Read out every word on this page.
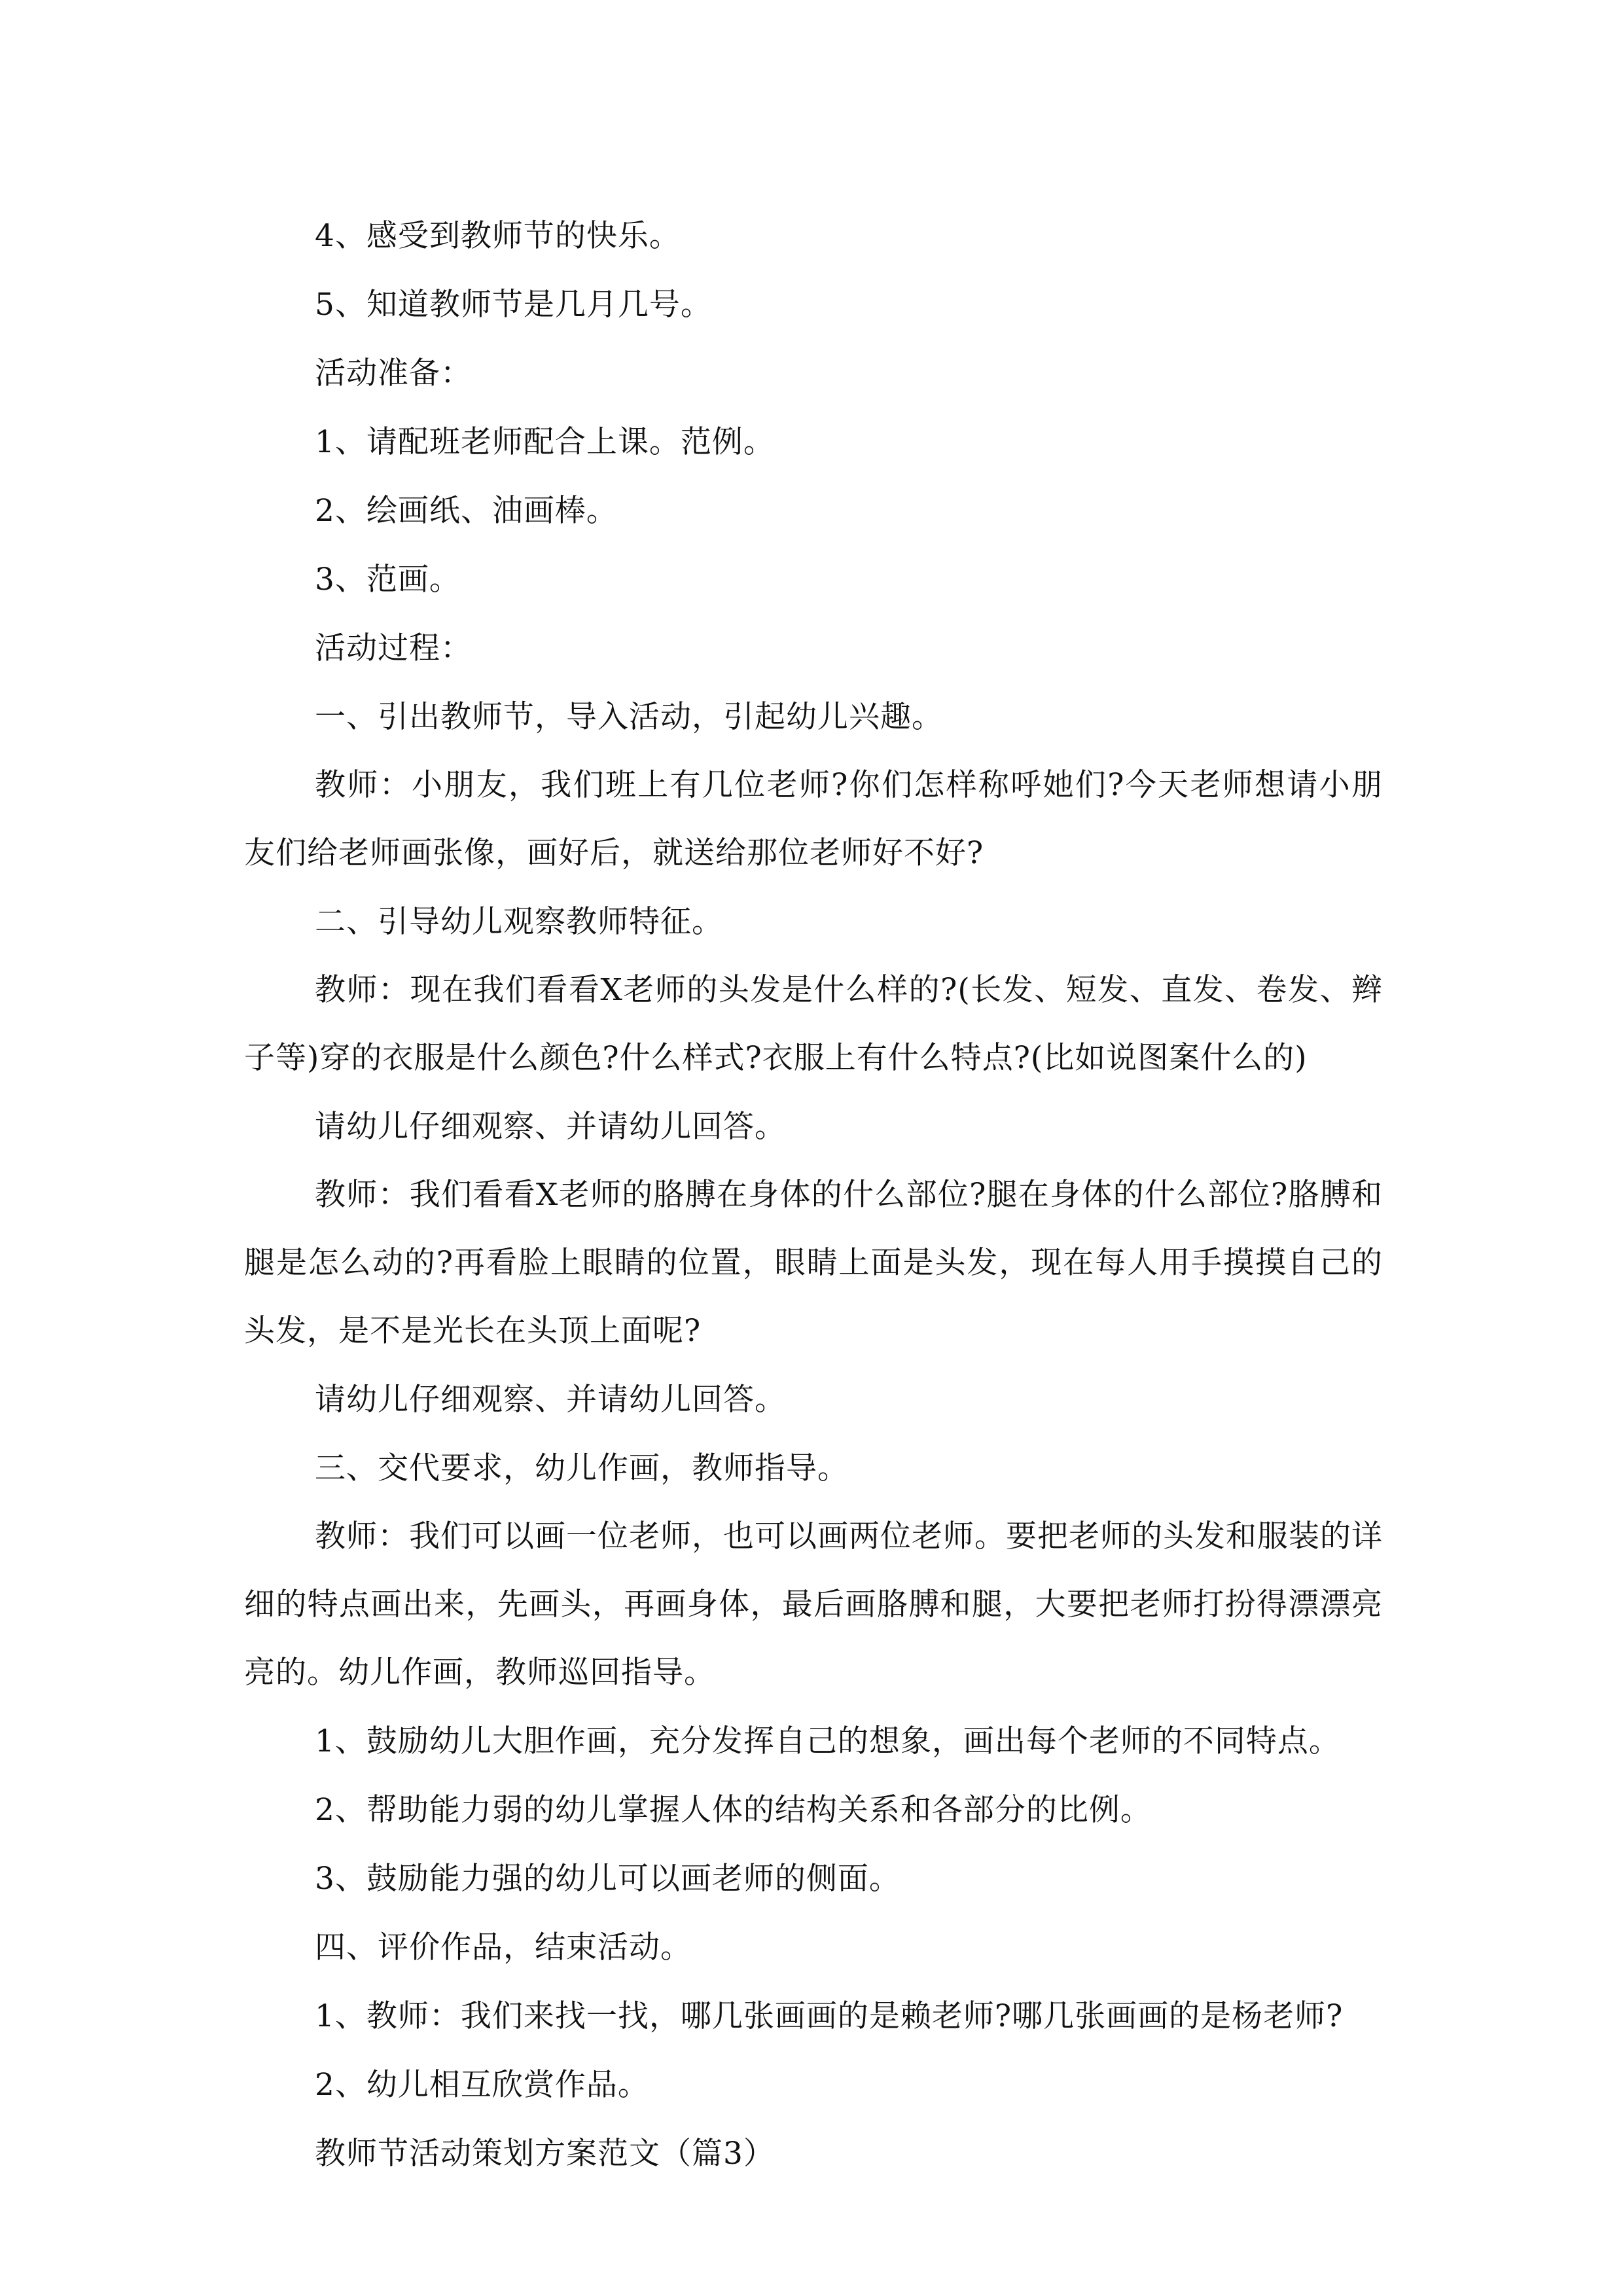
4、感受到教师节的快乐。

5、知道教师节是几月几号。

活动准备：

1、请配班老师配合上课。范例。

2、绘画纸、油画棒。

3、范画。

活动过程：

一、引出教师节，导入活动，引起幼儿兴趣。

教师：小朋友，我们班上有几位老师?你们怎样称呼她们?今天老师想请小朋友们给老师画张像，画好后，就送给那位老师好不好?

二、引导幼儿观察教师特征。

教师：现在我们看看X老师的头发是什么样的?(长发、短发、直发、卷发、辫子等)穿的衣服是什么颜色?什么样式?衣服上有什么特点?(比如说图案什么的)

请幼儿仔细观察、并请幼儿回答。

教师：我们看看X老师的胳膊在身体的什么部位?腿在身体的什么部位?胳膊和腿是怎么动的?再看脸上眼睛的位置，眼睛上面是头发，现在每人用手摸摸自己的头发，是不是光长在头顶上面呢?

请幼儿仔细观察、并请幼儿回答。

三、交代要求，幼儿作画，教师指导。

教师：我们可以画一位老师，也可以画两位老师。要把老师的头发和服装的详细的特点画出来，先画头，再画身体，最后画胳膊和腿，大要把老师打扮得漂漂亮亮的。幼儿作画，教师巡回指导。

1、鼓励幼儿大胆作画，充分发挥自己的想象，画出每个老师的不同特点。

2、帮助能力弱的幼儿掌握人体的结构关系和各部分的比例。

3、鼓励能力强的幼儿可以画老师的侧面。

四、评价作品，结束活动。

1、教师：我们来找一找，哪几张画画的是赖老师?哪几张画画的是杨老师?

2、幼儿相互欣赏作品。

教师节活动策划方案范文（篇3）
